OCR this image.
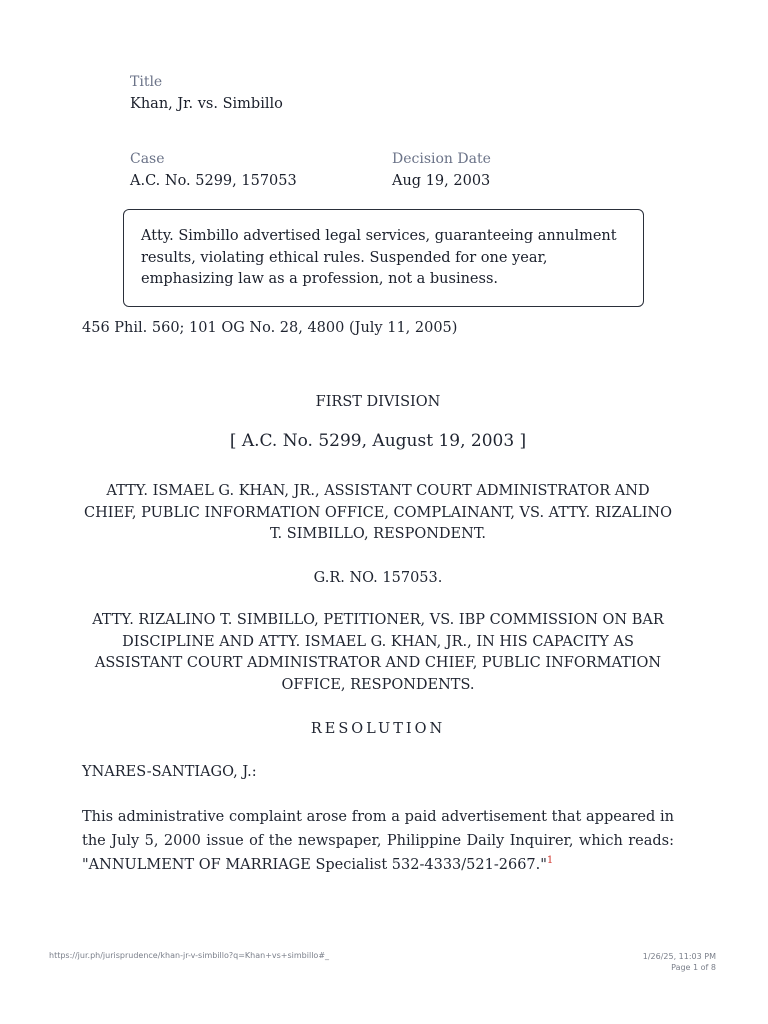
Title
Khan, Jr. vs. Simbillo
Case
A.C. No. 5299, 157053
Decision Date
Aug 19, 2003
Atty. Simbillo advertised legal services, guaranteeing annulment results, violating ethical rules. Suspended for one year, emphasizing law as a profession, not a business.
456 Phil. 560; 101 OG No. 28, 4800 (July 11, 2005)
FIRST DIVISION
[ A.C. No. 5299, August 19, 2003 ]
ATTY. ISMAEL G. KHAN, JR., ASSISTANT COURT ADMINISTRATOR AND CHIEF, PUBLIC INFORMATION OFFICE, COMPLAINANT, VS. ATTY. RIZALINO T. SIMBILLO, RESPONDENT.
G.R. NO. 157053.
ATTY. RIZALINO T. SIMBILLO, PETITIONER, VS. IBP COMMISSION ON BAR DISCIPLINE AND ATTY. ISMAEL G. KHAN, JR., IN HIS CAPACITY AS ASSISTANT COURT ADMINISTRATOR AND CHIEF, PUBLIC INFORMATION OFFICE, RESPONDENTS.
RESOLUTION
YNARES-SANTIAGO, J.:
This administrative complaint arose from a paid advertisement that appeared in the July 5, 2000 issue of the newspaper, Philippine Daily Inquirer, which reads: "ANNULMENT OF MARRIAGE Specialist 532-4333/521-2667."$^1$
https://jur.ph/jurisprudence/khan-jr-v-simbillo?q=Khan+vs+simbillo#_	1/26/25, 11:03 PM
Page 1 of 8
